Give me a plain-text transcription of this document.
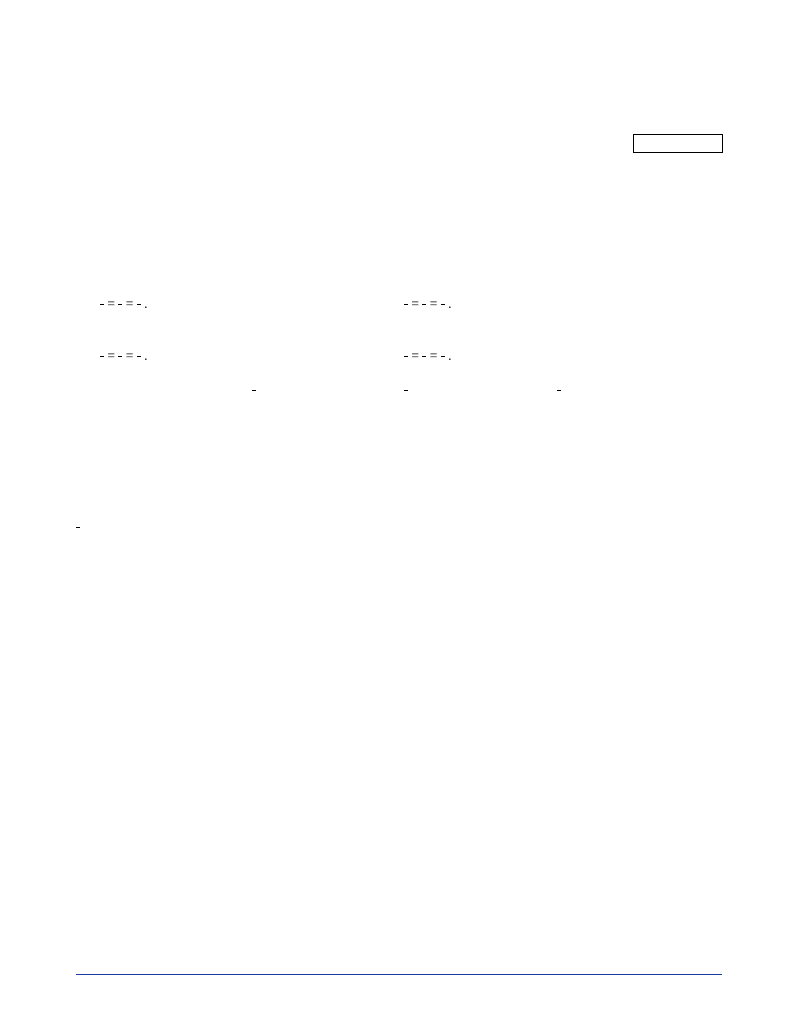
=
=
.	=
=
.
=
=
.	=
=
.
